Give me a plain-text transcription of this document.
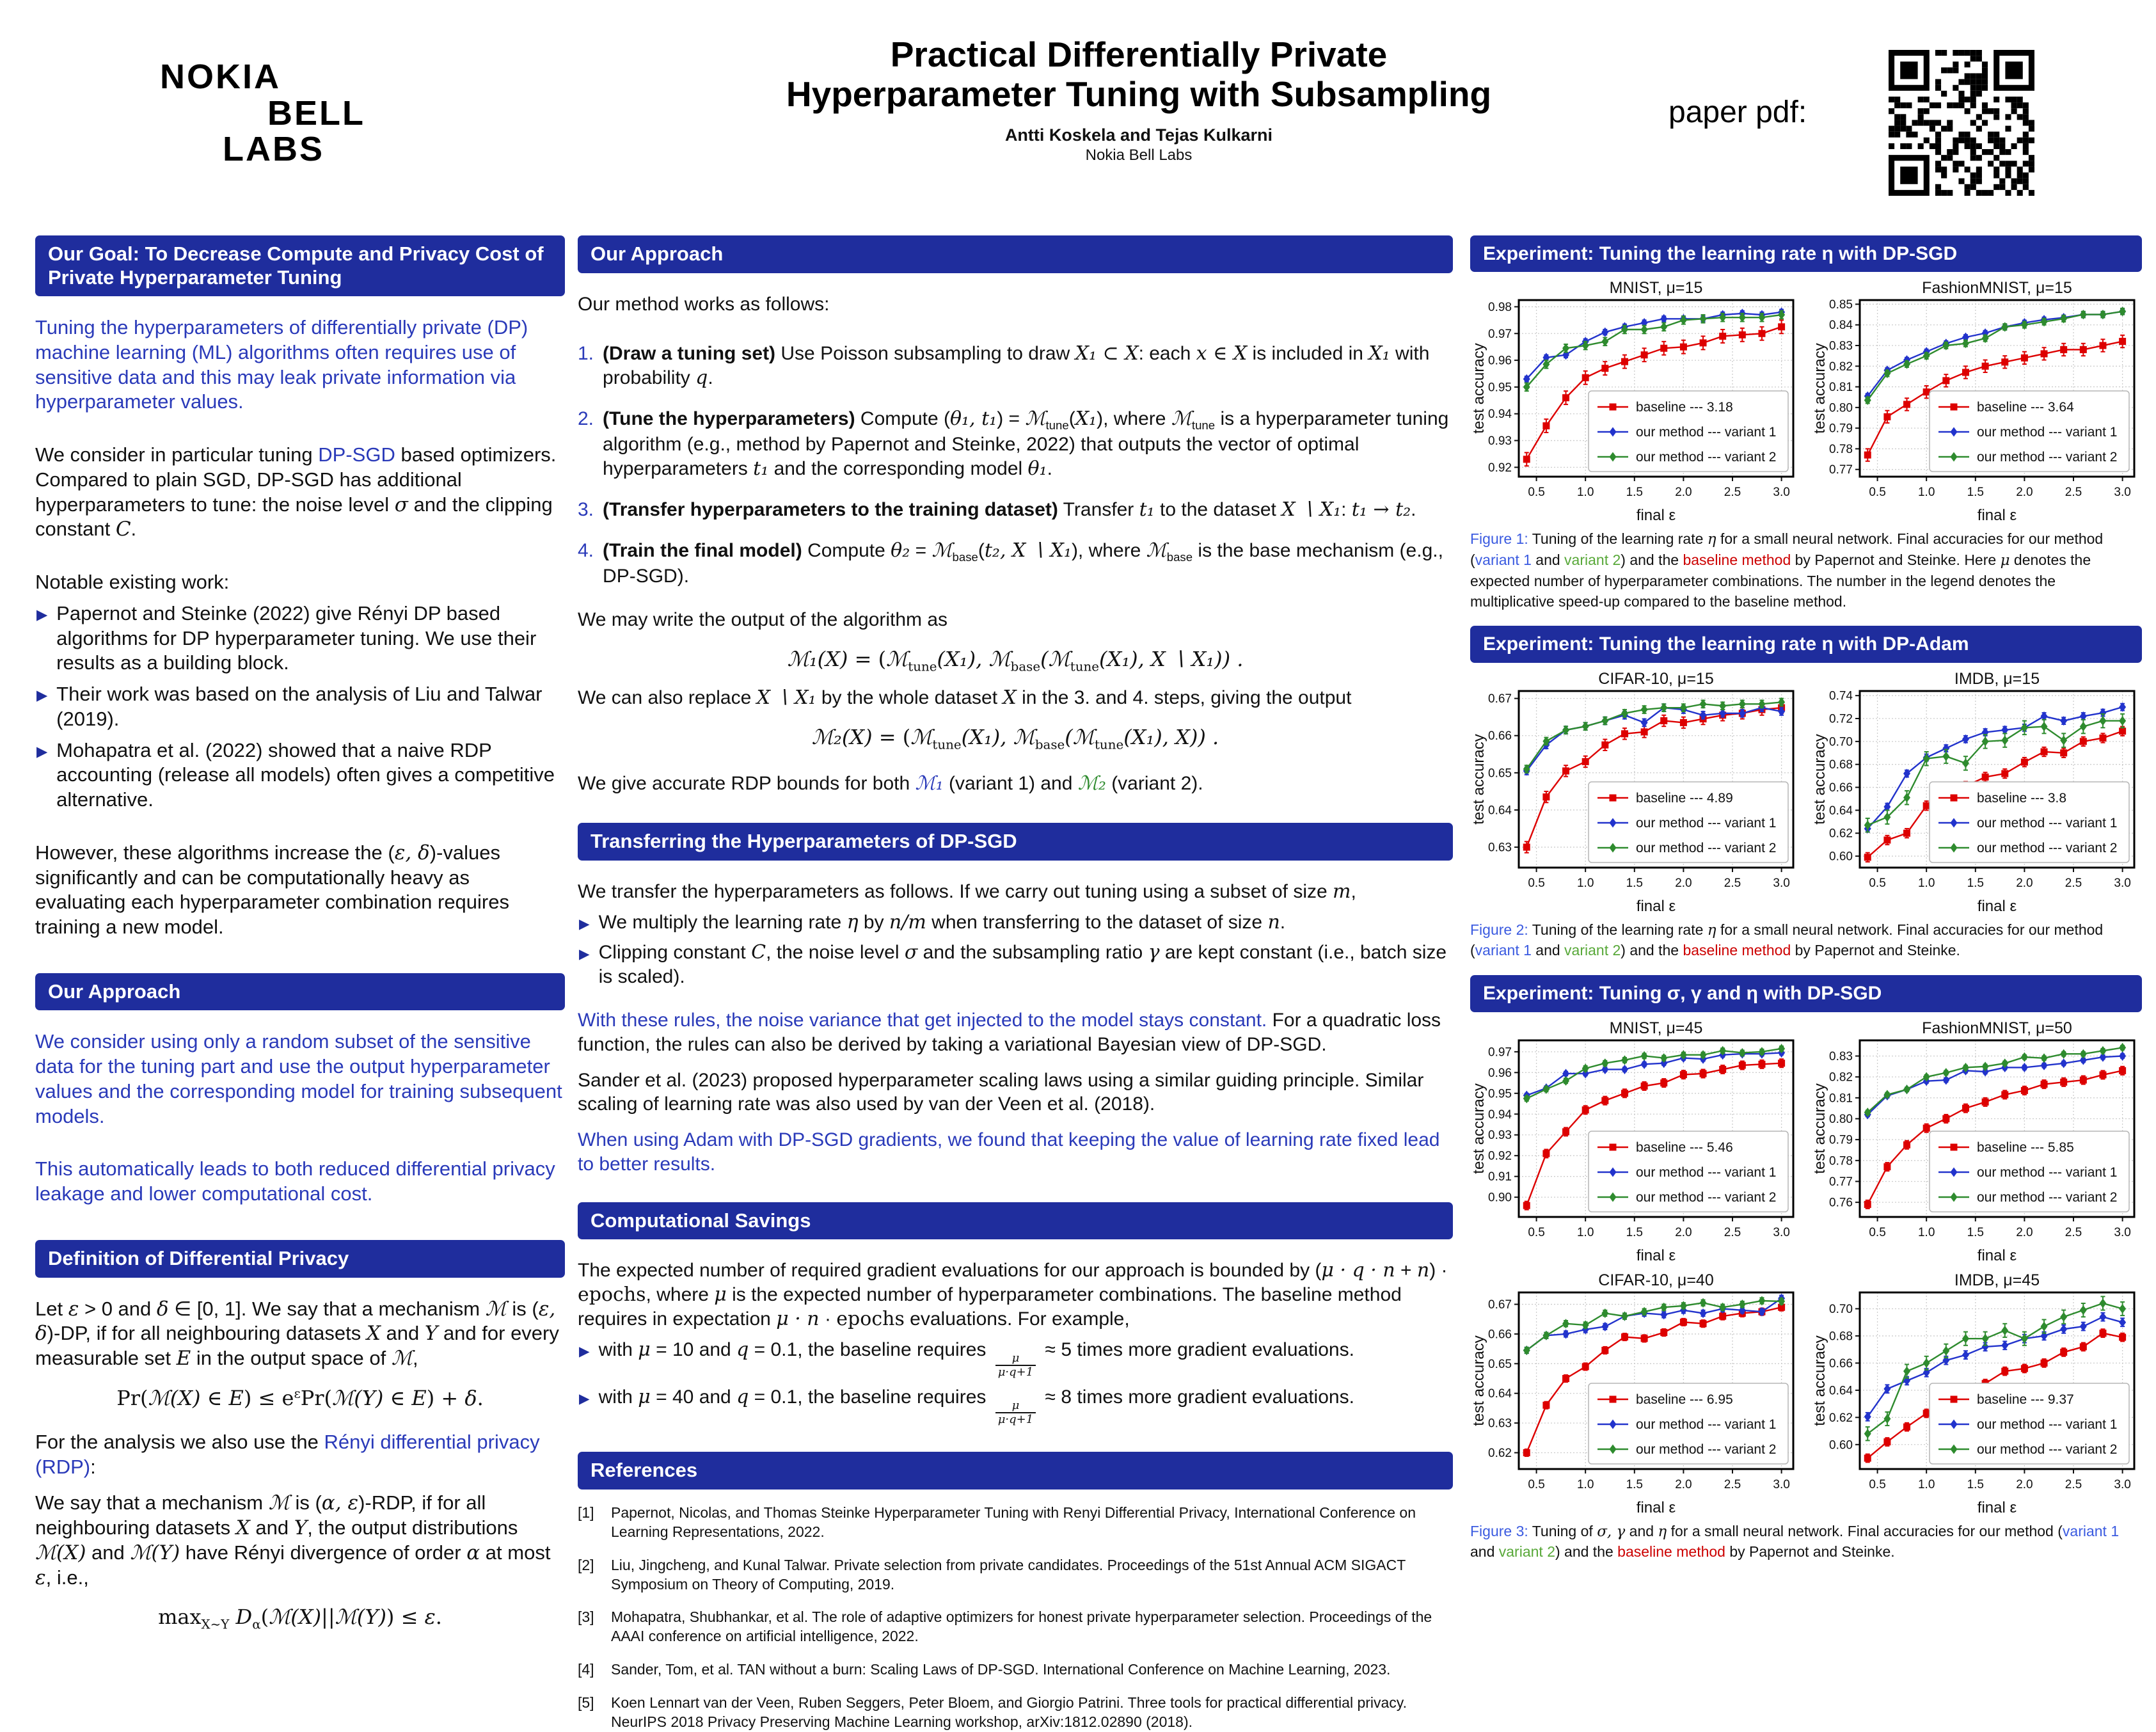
NOKIA
BELL
LABS
Practical Differentially Private
Hyperparameter Tuning with Subsampling
Antti Koskela and Tejas Kulkarni
Nokia Bell Labs
paper pdf:
Our Goal: To Decrease Compute and Privacy Cost of Private Hyperparameter Tuning

Tuning the hyperparameters of differentially private (DP) machine learning (ML) algorithms often requires use of sensitive data and this may leak private information via hyperparameter values.

We consider in particular tuning DP-SGD based optimizers. Compared to plain SGD, DP-SGD has additional hyperparameters to tune: the noise level σ and the clipping constant C.

Notable existing work:

▶ Papernot and Steinke (2022) give Rényi DP based algorithms for DP hyperparameter tuning. We use their results as a building block.
▶ Their work was based on the analysis of Liu and Talwar (2019).
▶ Mohapatra et al. (2022) showed that a naive RDP accounting (release all models) often gives a competitive alternative.

However, these algorithms increase the (ε, δ)-values significantly and can be computationally heavy as evaluating each hyperparameter combination requires training a new model.

Our Approach

We consider using only a random subset of the sensitive data for the tuning part and use the output hyperparameter values and the corresponding model for training subsequent models.

This automatically leads to both reduced differential privacy leakage and lower computational cost.

Definition of Differential Privacy

Let ε > 0 and δ ∈ [0, 1]. We say that a mechanism ℳ is (ε, δ)-DP, if for all neighbouring datasets X and Y and for every measurable set E in the output space of ℳ,

Pr(ℳ(X) ∈ $E) \le e^\varepsilon Pr(ℳ(Y)$ ∈ E) + δ.

For the analysis we also use the Rényi differential privacy (RDP):

We say that a mechanism ℳ is (α, ε)-RDP, if for all neighbouring datasets X and Y, the output distributions ℳ(X) and ℳ(Y) have Rényi divergence of order α at most ε, i.e.,

$\max_{X\sim Y}$ $D_\alpha(ℳ(X)||ℳ(Y)) \le \varepsilon$.

Our Approach

Our method works as follows:

1. (Draw a tuning set) Use Poisson subsampling to draw X₁ ⊂ X: each x ∈ X is included in X₁ with probability q.
2. (Tune the hyperparameters) Compute (θ₁, t₁) = ℳ$_{tune}$(X₁), where ℳ$_{tune}$ is a hyperparameter tuning algorithm (e.g., method by Papernot and Steinke, 2022) that outputs the vector of optimal hyperparameters t₁ and the corresponding model θ₁.
3. (Transfer hyperparameters to the training dataset) Transfer t₁ to the dataset X ∖ X₁: t₁ → t₂.
4. (Train the final model) Compute θ₂ = ℳ$_{base}$(t₂, X ∖ X₁), where ℳ$_{base}$ is the base mechanism (e.g., DP-SGD).

We may write the output of the algorithm as

ℳ₁(X) = (ℳ$_{tune}$(X₁), ℳ$_{base}$(ℳ$_{tune}$(X₁), X ∖ X₁)) .

We can also replace X ∖ X₁ by the whole dataset X in the 3. and 4. steps, giving the output

ℳ₂(X) = (ℳ$_{tune}$(X₁), ℳ$_{base}$(ℳ$_{tune}$(X₁), X)) .

We give accurate RDP bounds for both ℳ₁ (variant 1) and ℳ₂ (variant 2).

Transferring the Hyperparameters of DP-SGD

We transfer the hyperparameters as follows. If we carry out tuning using a subset of size m,

▶ We multiply the learning rate η by n/m when transferring to the dataset of size n.
▶ Clipping constant C, the noise level σ and the subsampling ratio γ are kept constant (i.e., batch size is scaled).

With these rules, the noise variance that get injected to the model stays constant. For a quadratic loss function, the rules can also be derived by taking a variational Bayesian view of DP-SGD.

Sander et al. (2023) proposed hyperparameter scaling laws using a similar guiding principle. Similar scaling of learning rate was also used by van der Veen et al. (2018).

When using Adam with DP-SGD gradients, we found that keeping the value of learning rate fixed lead to better results.

Computational Savings

The expected number of required gradient evaluations for our approach is bounded by (μ · q · n + n) · epochs, where μ is the expected number of hyperparameter combinations. The baseline method requires in expectation μ · n · epochs evaluations. For example,

▶ with μ = 10 and q = 0.1, the baseline requires
$\frac{\mu}{\mu\cdot q+1}$
≈ 5 times more gradient evaluations.
▶ with μ = 40 and q = 0.1, the baseline requires
$\frac{\mu}{\mu\cdot q+1}$
≈ 8 times more gradient evaluations.
References
[1]	Papernot, Nicolas, and Thomas Steinke Hyperparameter Tuning with Renyi Differential Privacy, International Conference on Learning Representations, 2022.
[2]	Liu, Jingcheng, and Kunal Talwar. Private selection from private candidates. Proceedings of the 51st Annual ACM SIGACT Symposium on Theory of Computing, 2019.
[3]	Mohapatra, Shubhankar, et al. The role of adaptive optimizers for honest private hyperparameter selection. Proceedings of the AAAI conference on artificial intelligence, 2022.
[4]	Sander, Tom, et al. TAN without a burn: Scaling Laws of DP-SGD. International Conference on Machine Learning, 2023.
[5]	Koen Lennart van der Veen, Ruben Seggers, Peter Bloem, and Giorgio Patrini. Three tools for practical differential privacy. NeurIPS 2018 Privacy Preserving Machine Learning workshop, arXiv:1812.02890 (2018).
Experiment: Tuning the learning rate η with DP-SGD
MNIST, μ=15
0.5	1.0	1.5	2.0	2.5	3.0
0.92
0.93
0.94
0.95
0.96
0.97
0.98
final ε
test accuracy	baseline --- 3.18
our method --- variant 1
our method --- variant 2
FashionMNIST, μ=15
0.5	1.0	1.5	2.0	2.5	3.0
0.77
0.78
0.79
0.80
0.81
0.82
0.83
0.84
0.85
final ε
test accuracy	baseline --- 3.64
our method --- variant 1
our method --- variant 2

Figure 1: Tuning of the learning rate η for a small neural network. Final accuracies for our method (variant 1 and variant 2) and the baseline method by Papernot and Steinke. Here μ denotes the expected number of hyperparameter combinations. The number in the legend denotes the multiplicative speed-up compared to the baseline method.

Experiment: Tuning the learning rate η with DP-Adam
CIFAR-10, μ=15
0.5	1.0	1.5	2.0	2.5	3.0
0.63
0.64
0.65
0.66
0.67
final ε
test accuracy	baseline --- 4.89
our method --- variant 1
our method --- variant 2
IMDB, μ=15
0.5	1.0	1.5	2.0	2.5	3.0
0.60
0.62
0.64
0.66
0.68
0.70
0.72
0.74
final ε
test accuracy	baseline --- 3.8
our method --- variant 1
our method --- variant 2

Figure 2: Tuning of the learning rate η for a small neural network. Final accuracies for our method (variant 1 and variant 2) and the baseline method by Papernot and Steinke.

Experiment: Tuning σ, γ and η with DP-SGD
MNIST, μ=45
0.5	1.0	1.5	2.0	2.5	3.0
0.90
0.91
0.92
0.93
0.94
0.95
0.96
0.97
final ε
test accuracy	baseline --- 5.46
our method --- variant 1
our method --- variant 2
FashionMNIST, μ=50
0.5	1.0	1.5	2.0	2.5	3.0
0.76
0.77
0.78
0.79
0.80
0.81
0.82
0.83
final ε
test accuracy	baseline --- 5.85
our method --- variant 1
our method --- variant 2
CIFAR-10, μ=40
0.5	1.0	1.5	2.0	2.5	3.0
0.62
0.63
0.64
0.65
0.66
0.67
final ε
test accuracy	baseline --- 6.95
our method --- variant 1
our method --- variant 2
IMDB, μ=45
0.5	1.0	1.5	2.0	2.5	3.0
0.60
0.62
0.64
0.66
0.68
0.70
final ε
test accuracy	baseline --- 9.37
our method --- variant 1
our method --- variant 2

Figure 3: Tuning of σ, γ and η for a small neural network. Final accuracies for our method (variant 1 and variant 2) and the baseline method by Papernot and Steinke.
